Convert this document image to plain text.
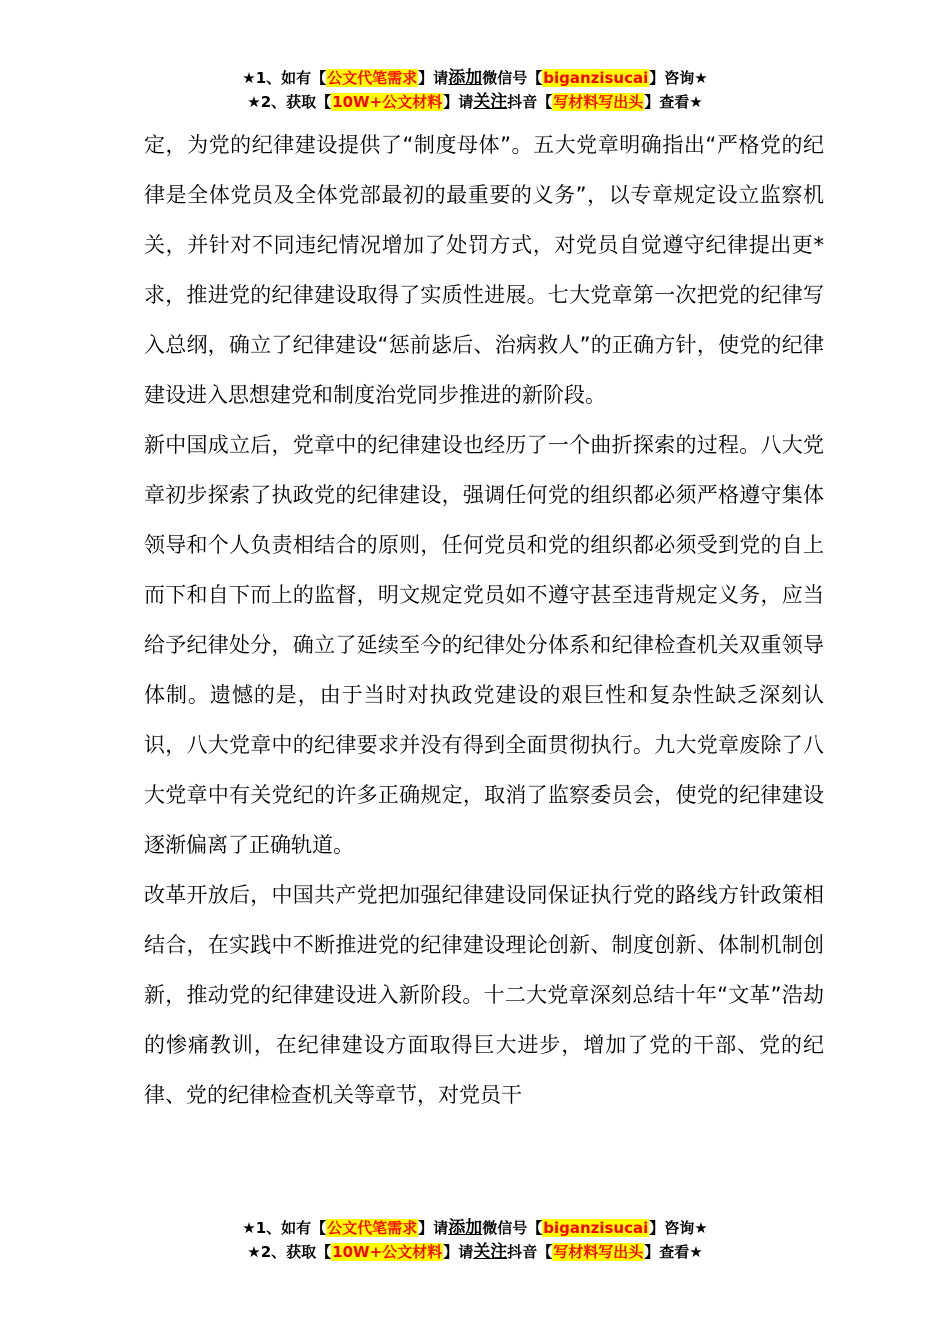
★1、如有【公文代笔需求】请添加微信号【biganzisucai】咨询★
★2、获取【10W+公文材料】请关注抖音【写材料写出头】查看★

定，为党的纪律建设提供了“制度母体”。五大党章明确指出“严格党的纪律是全体党员及全体党部最初的最重要的义务”，以专章规定设立监察机关，并针对不同违纪情况增加了处罚方式，对党员自觉遵守纪律提出更*求，推进党的纪律建设取得了实质性进展。七大党章第一次把党的纪律写入总纲，确立了纪律建设“惩前毖后、治病救人”的正确方针，使党的纪律建设进入思想建党和制度治党同步推进的新阶段。

新中国成立后，党章中的纪律建设也经历了一个曲折探索的过程。八大党章初步探索了执政党的纪律建设，强调任何党的组织都必须严格遵守集体领导和个人负责相结合的原则，任何党员和党的组织都必须受到党的自上而下和自下而上的监督，明文规定党员如不遵守甚至违背规定义务，应当给予纪律处分，确立了延续至今的纪律处分体系和纪律检查机关双重领导体制。遗憾的是，由于当时对执政党建设的艰巨性和复杂性缺乏深刻认识，八大党章中的纪律要求并没有得到全面贯彻执行。九大党章废除了八大党章中有关党纪的许多正确规定，取消了监察委员会，使党的纪律建设逐渐偏离了正确轨道。

改革开放后，中国共产党把加强纪律建设同保证执行党的路线方针政策相结合，在实践中不断推进党的纪律建设理论创新、制度创新、体制机制创新，推动党的纪律建设进入新阶段。十二大党章深刻总结十年“文革”浩劫的惨痛教训，在纪律建设方面取得巨大进步，增加了党的干部、党的纪律、党的纪律检查机关等章节，对党员干

★1、如有【公文代笔需求】请添加微信号【biganzisucai】咨询★
★2、获取【10W+公文材料】请关注抖音【写材料写出头】查看★
